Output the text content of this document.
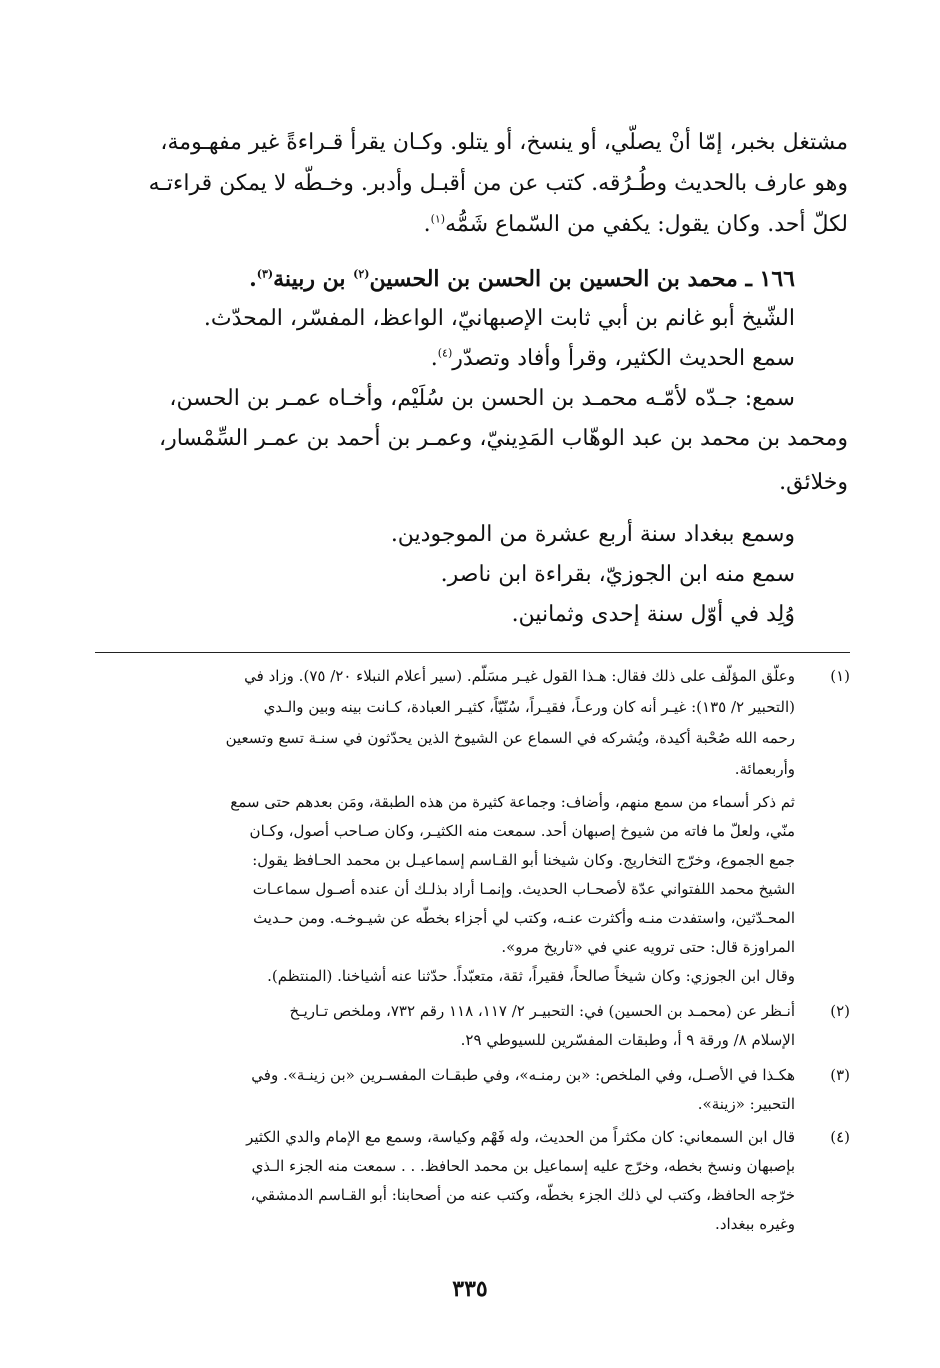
مشتغل بخبر، إمّا أنْ يصلّي، أو ينسخ، أو يتلو. وكـان يقرأ قـراءةً غير مفهـومة،
وهو عارف بالحديث وطُـرُقه. كتب عن من أقبـل وأدبر. وخـطّه لا يمكن قراءتـه
لكلّ أحد. وكان يقول: يكفي من السّماع شَمُّه$^{(١)}$.
١٦٦ ـ محمد بن الحسين بن الحسن بن الحسين$^{(٢)}$ بن ربينة$^{(٣)}$.
الشّيخ أبو غانم بن أبي ثابت الإصبهانيّ، الواعظ، المفسّر، المحدّث.
سمع الحديث الكثير، وقرأ وأفاد وتصدّر$^{(٤)}$.
سمع: جـدّه لأمّـه محمـد بن الحسن بن سُلَيْم، وأخـاه عمـر بن الحسن،
ومحمد بن محمد بن عبد الوهّاب المَدِينيّ، وعمـر بن أحمد بن عمـر السِّمْسار،
وخلائق.
وسمع ببغداد سنة أربع عشرة من الموجودين.
سمع منه ابن الجوزيّ، بقراءة ابن ناصر.
وُلِد في أوّل سنة إحدى وثمانين.
(١)
(٢)
(٣)
(٤)
وعلّق المؤلّف على ذلك فقال: هـذا القول غيـر مسَلّم. (سير أعلام النبلاء ٢٠/ ٧٥). وزاد في
(التحبير ٢/ ١٣٥): غيـر أنه كان ورعـاً، فقيـراً، سُنّيّاً، كثيـر العبادة، كـانت بينه وبين والـدي
رحمه الله صُحْبة أكيدة، ويُشركه في السماع عن الشيوخ الذين يحدّثون في سنـة تسع وتسعين
وأربعمائة.
ثم ذكر أسماء من سمع منهم، وأضاف: وجماعة كثيرة من هذه الطبقة، ومَن بعدهم حتى سمع
منّي، ولعلّ ما فاته من شيوخ إصبهان أحد. سمعت منه الكثيـر، وكان صـاحب أصول، وكـان
جمع الجموع، وخرّج التخاريج. وكان شيخنا أبو القـاسم إسماعيـل بن محمد الحـافظ يقول:
الشيخ محمد اللفتواني عدّة لأصحـاب الحديث. وإنمـا أراد بذلـك أن عنده أصـول سماعـات
المحـدّثين، واستفدت منـه وأكثرت عنـه، وكتب لي أجزاء بخطّه عن شيـوخـه. ومن حـديث
المراوزة قال: حتى ترويه عني في «تاريخ مرو».
وقال ابن الجوزي: وكان شيخاً صالحاً، فقيراً، ثقة، متعبّداً. حدّثنا عنه أشياخنا. (المنتظم).
أنـظر عن (محمـد بن الحسين) في: التحبيـر ٢/ ١١٧، ١١٨ رقم ٧٣٢، وملخص تـاريـخ
الإسلام ٨/ ورقة ٩ أ، وطبقات المفسّرين للسيوطي ٢٩.
هكـذا في الأصـل، وفي الملخص: «بن رمنـه»، وفي طبقـات المفسـرين «بن زينـة». وفي
التحبير: «زينة».
قال ابن السمعاني: كان مكثراً من الحديث، وله فَهْم وكياسة، وسمع مع الإمام والدي الكثير
بإصبهان ونسخ بخطه، وخرّج عليه إسماعيل بن محمد الحافظ. . . سمعت منه الجزء الـذي
خرّجه الحافظ، وكتب لي ذلك الجزء بخطّه، وكتب عنه من أصحابنا: أبو القـاسم الدمشقي،
وغيره ببغداد.
٣٣٥
